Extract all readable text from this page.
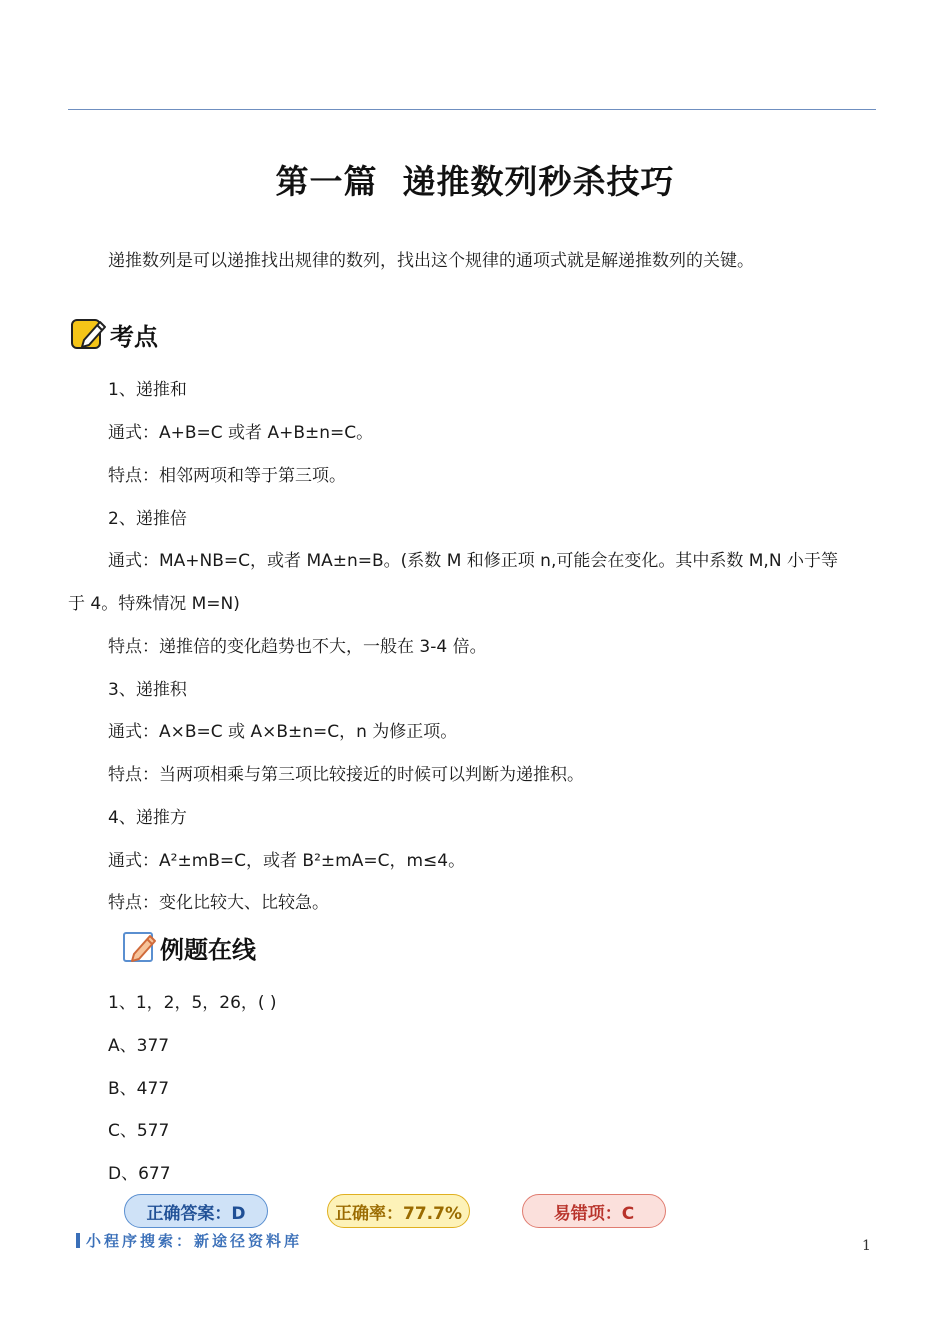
第一篇  递推数列秒杀技巧
递推数列是可以递推找出规律的数列，找出这个规律的通项式就是解递推数列的关键。
考点
1、递推和
通式：A+B=C 或者 A+B±n=C。
特点：相邻两项和等于第三项。
2、递推倍
通式：MA+NB=C，或者 MA±n=B。(系数 M 和修正项 n,可能会在变化。其中系数 M,N 小于等
于 4。特殊情况 M=N)
特点：递推倍的变化趋势也不大，一般在 3-4 倍。
3、递推积
通式：A×B=C 或 A×B±n=C，n 为修正项。
特点：当两项相乘与第三项比较接近的时候可以判断为递推积。
4、递推方
通式：A²±mB=C，或者 B²±mA=C，m≤4。
特点：变化比较大、比较急。
例题在线
1、1，2，5，26，( )
A、377
B、477
C、577
D、677
正确答案：D	正确率：77.7%	易错项：C
小程序搜索：新途径资料库	1
